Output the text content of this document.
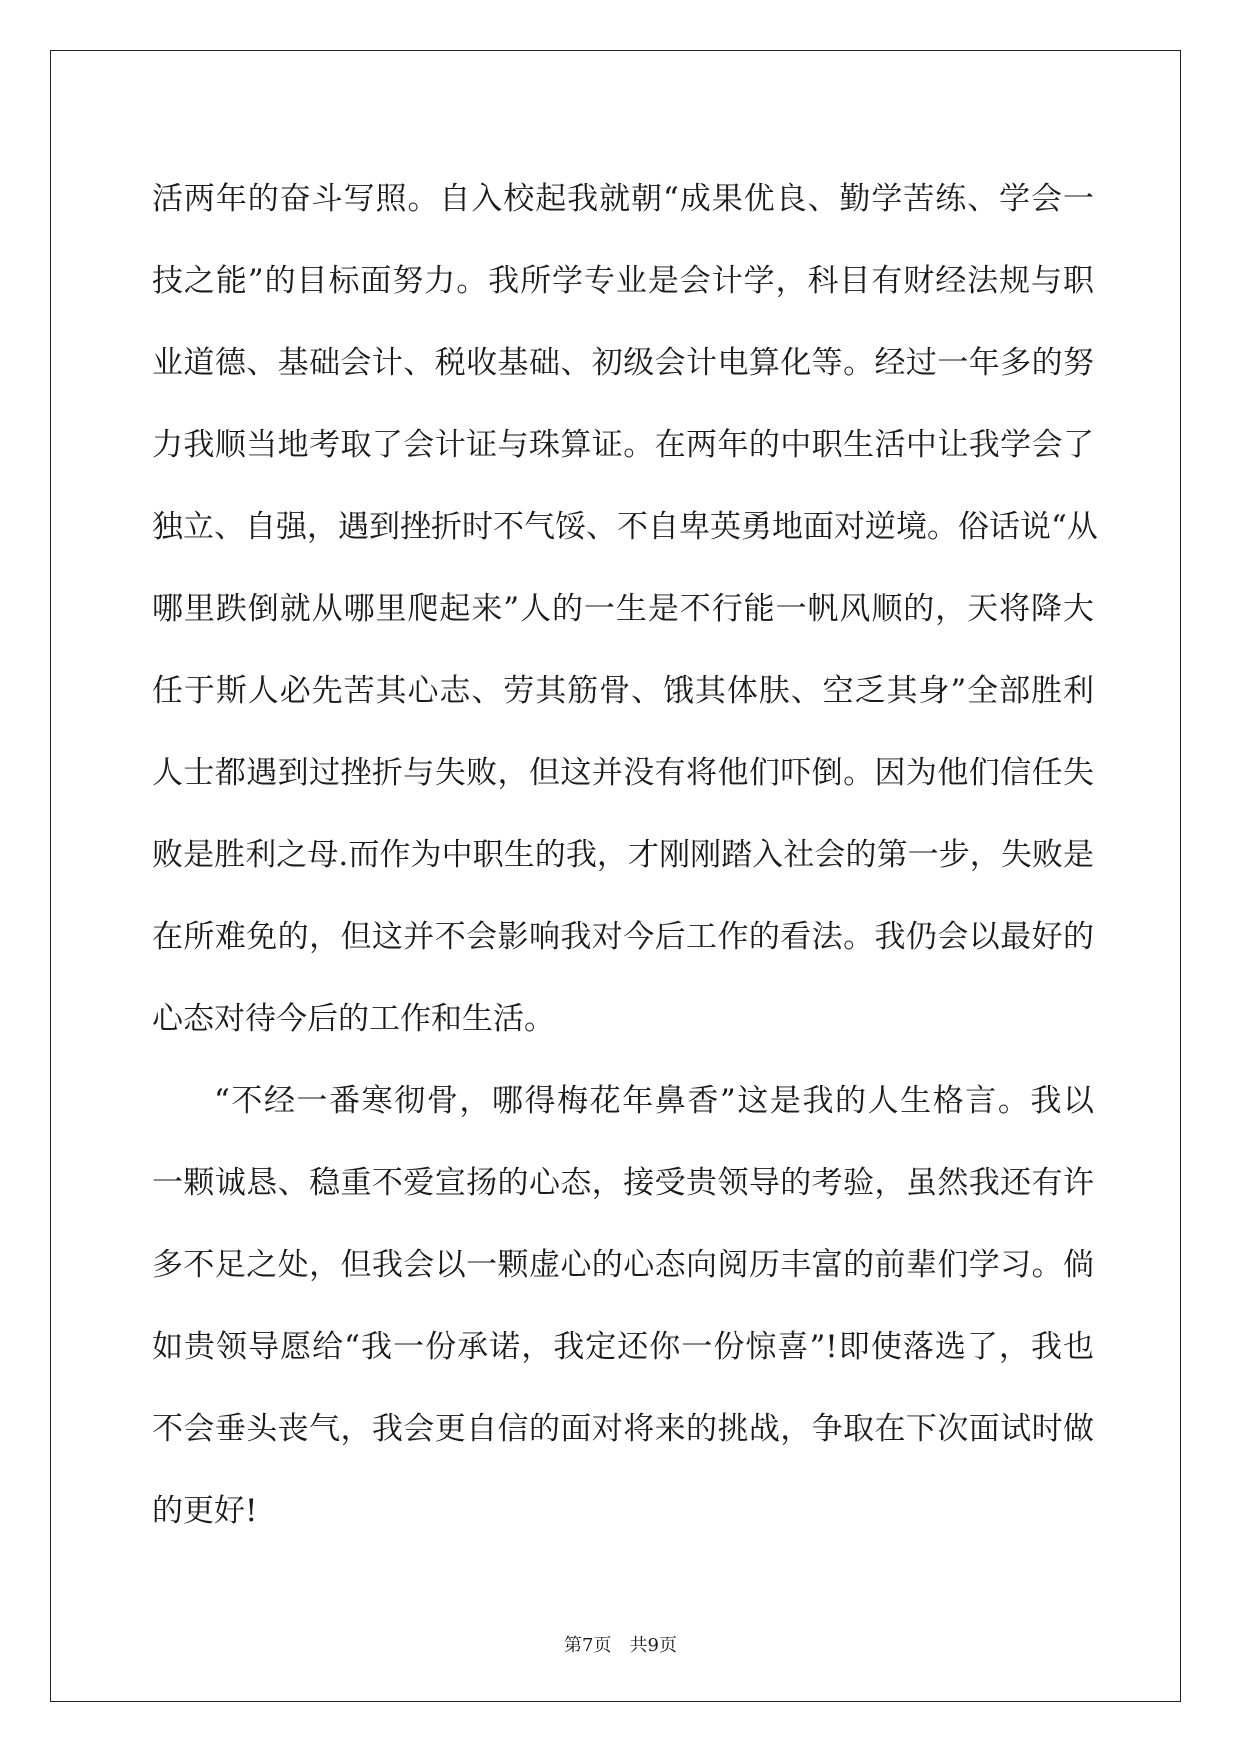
活两年的奋斗写照。自入校起我就朝“成果优良、勤学苦练、学会一
技之能”的目标面努力。我所学专业是会计学，科目有财经法规与职
业道德、基础会计、税收基础、初级会计电算化等。经过一年多的努
力我顺当地考取了会计证与珠算证。在两年的中职生活中让我学会了
独立、自强，遇到挫折时不气馁、不自卑英勇地面对逆境。俗话说“从
哪里跌倒就从哪里爬起来”人的一生是不行能一帆风顺的，天将降大
任于斯人必先苦其心志、劳其筋骨、饿其体肤、空乏其身”全部胜利
人士都遇到过挫折与失败，但这并没有将他们吓倒。因为他们信任失
败是胜利之母.而作为中职生的我，才刚刚踏入社会的第一步，失败是
在所难免的，但这并不会影响我对今后工作的看法。我仍会以最好的
心态对待今后的工作和生活。
“不经一番寒彻骨，哪得梅花年鼻香”这是我的人生格言。我以
一颗诚恳、稳重不爱宣扬的心态，接受贵领导的考验，虽然我还有许
多不足之处，但我会以一颗虚心的心态向阅历丰富的前辈们学习。倘
如贵领导愿给“我一份承诺，我定还你一份惊喜”!即使落选了，我也
不会垂头丧气，我会更自信的面对将来的挑战，争取在下次面试时做
的更好!
第7页 共9页
